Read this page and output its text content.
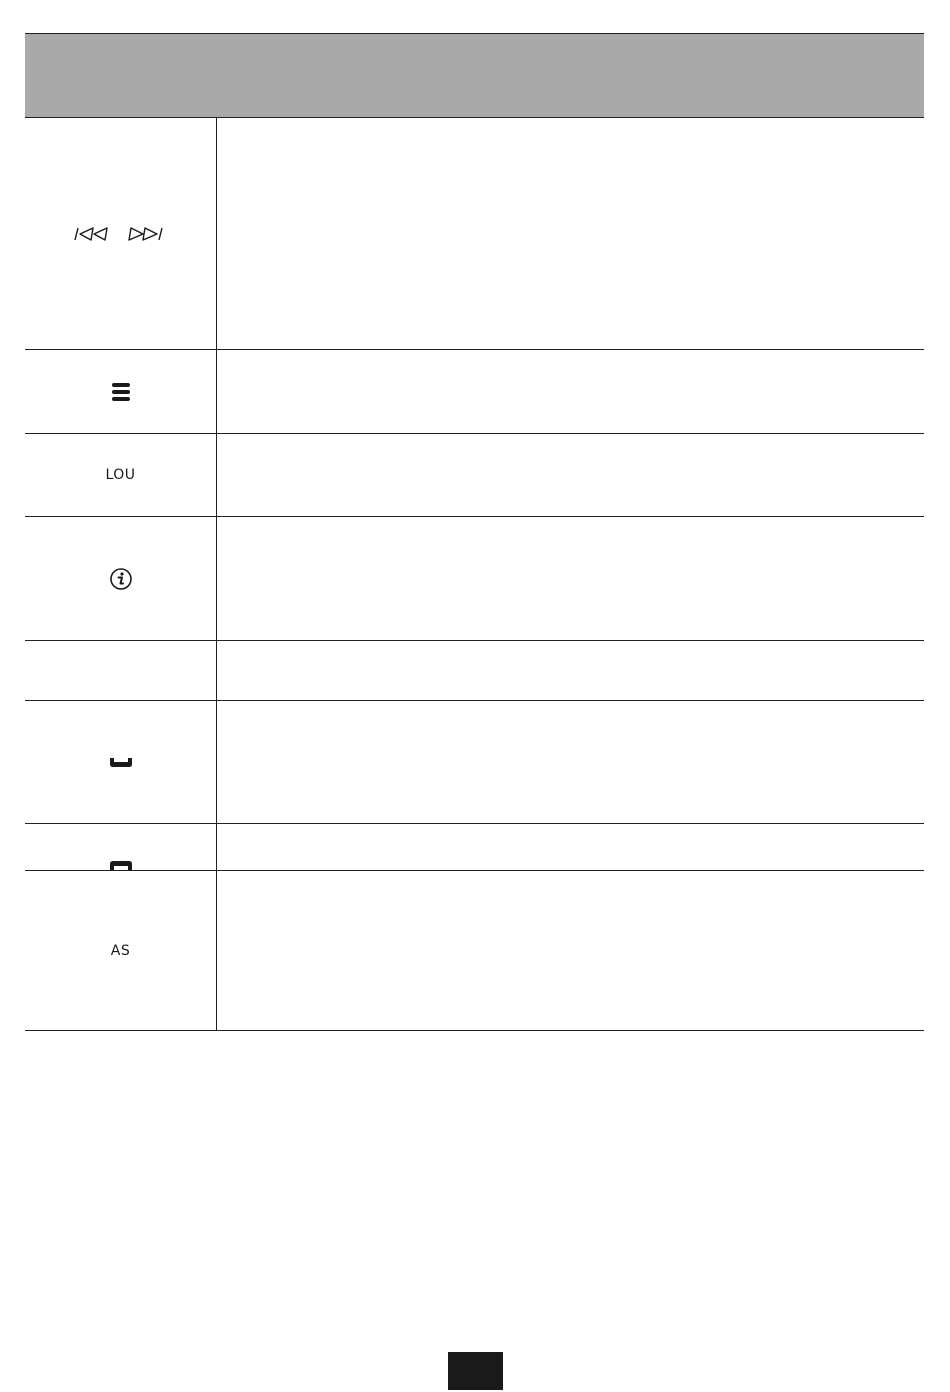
LOU
AS
